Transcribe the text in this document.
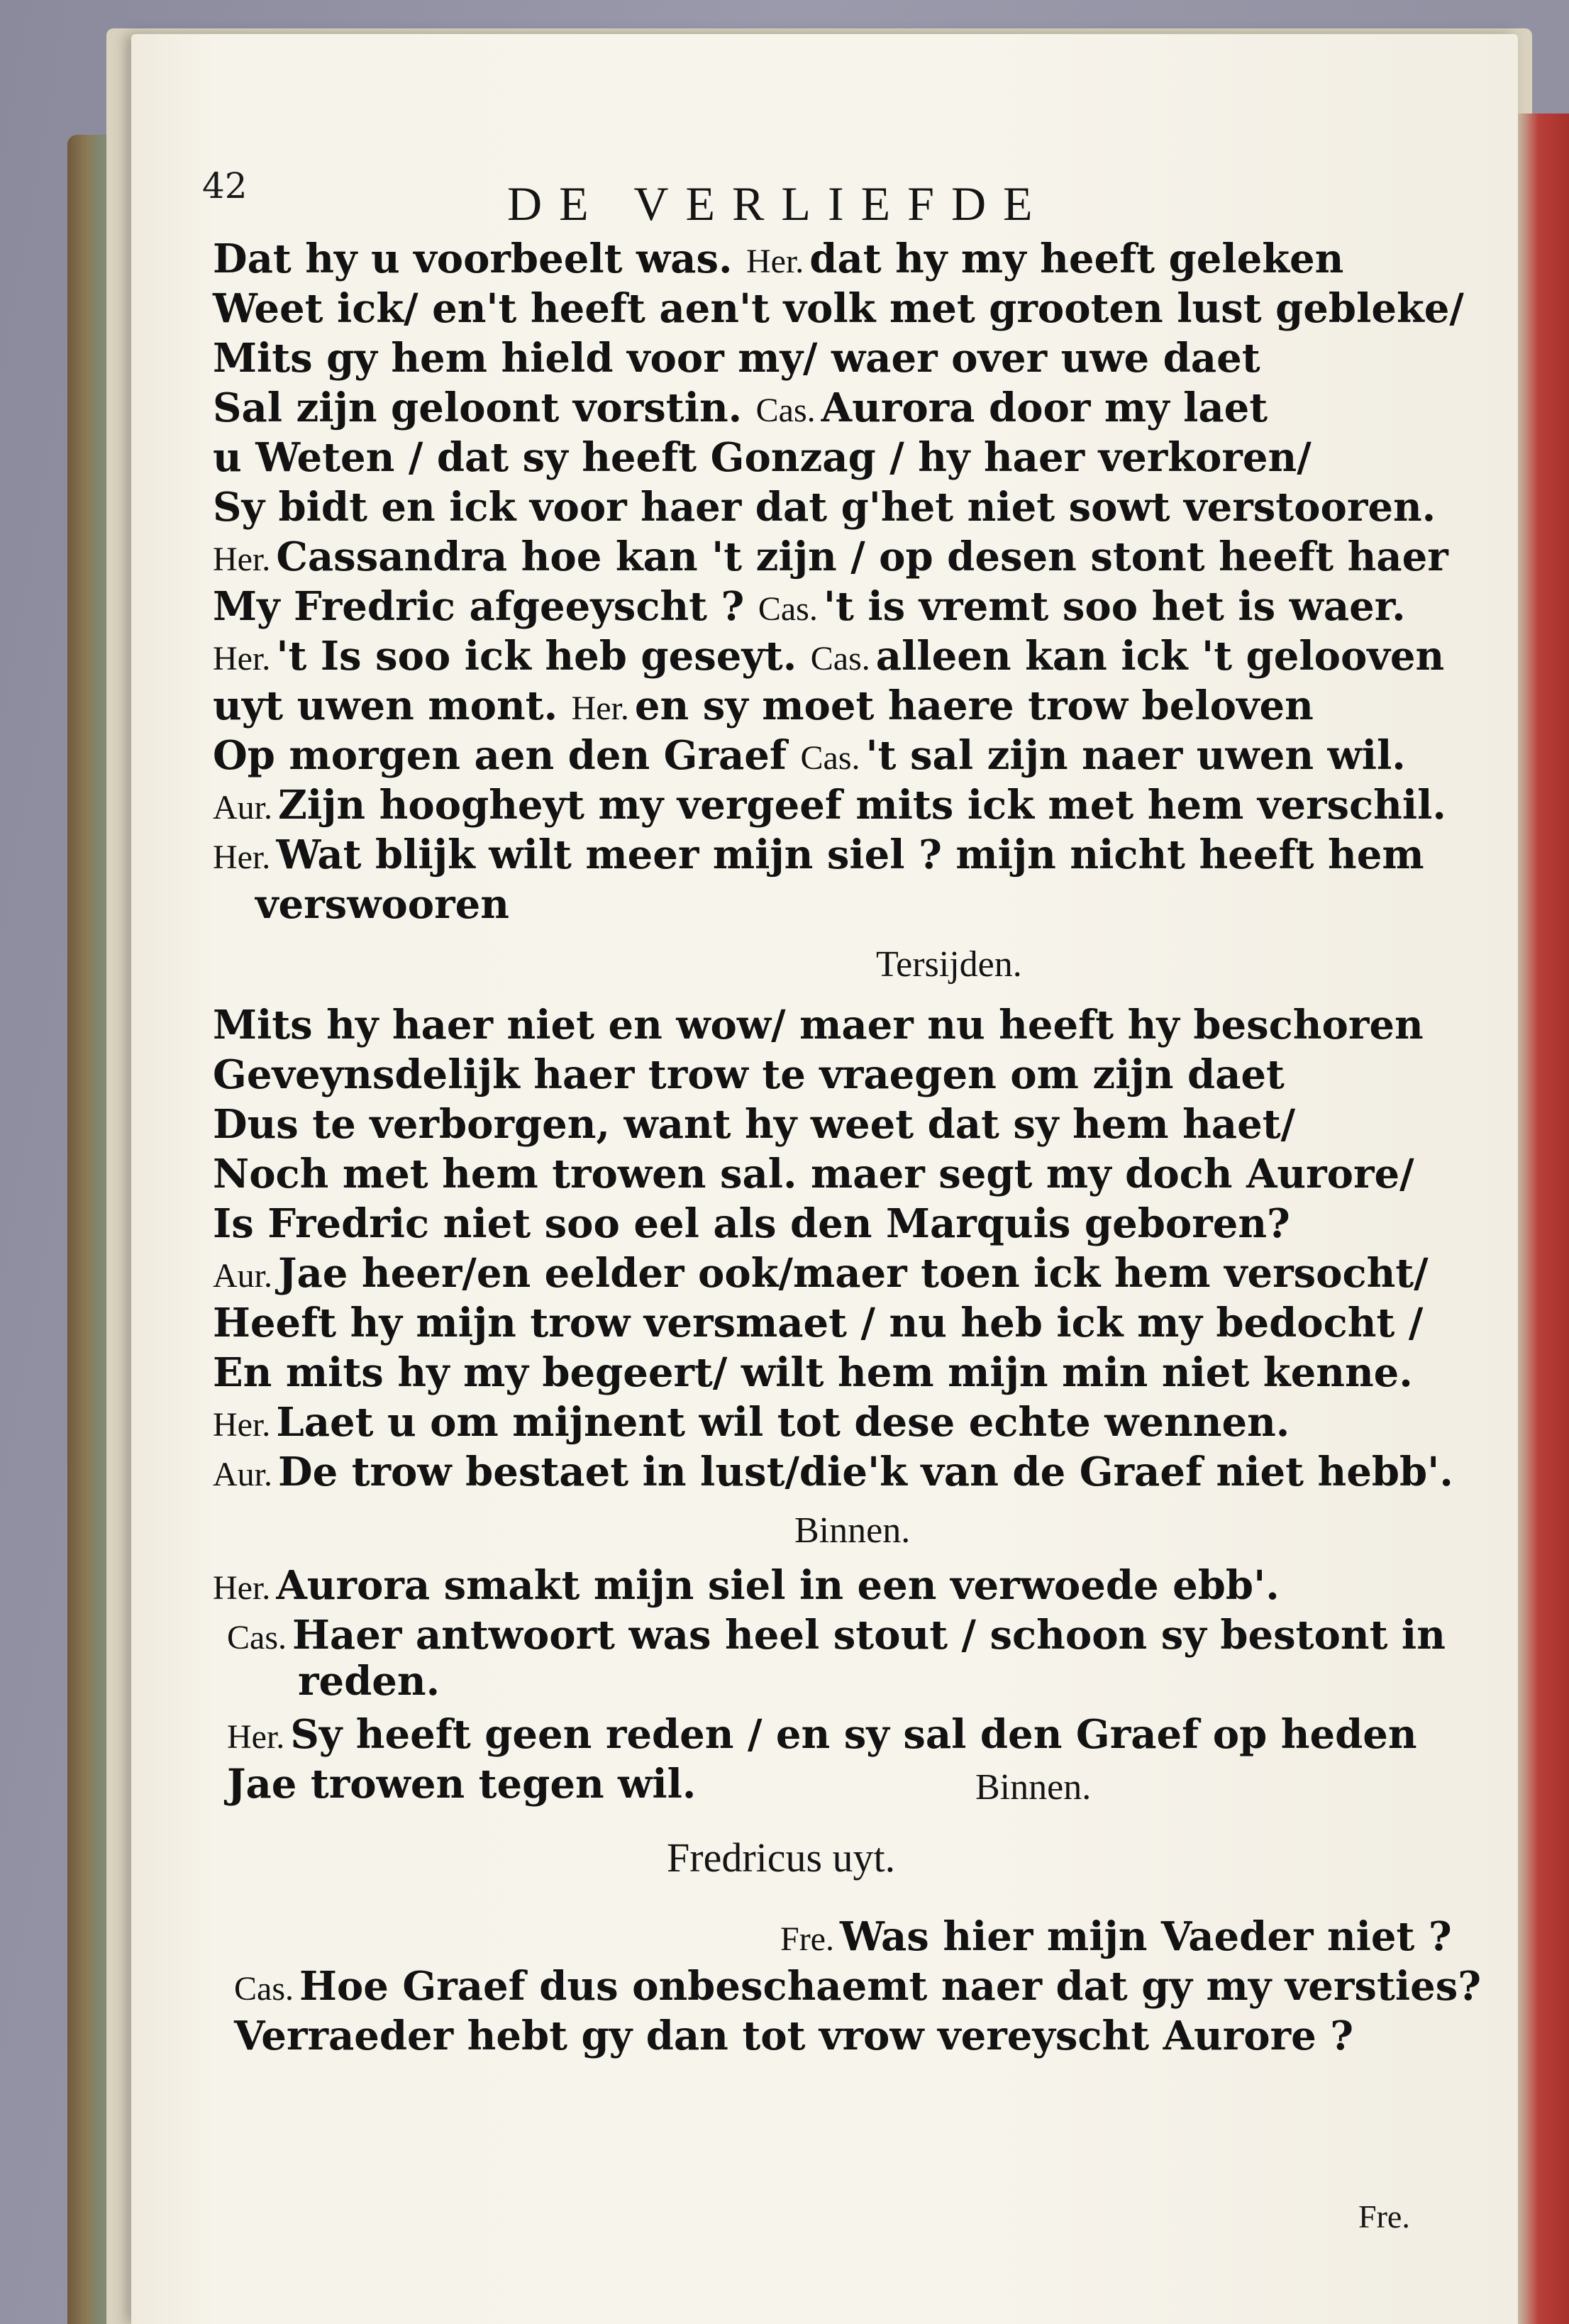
42	DE VERLIEFDE
Dat hy u voorbeelt was. Her. dat hy my heeft geleken
Weet ick/ en't heeft aen't volk met grooten lust gebleke/
Mits gy hem hield voor my/ waer over uwe daet
Sal zijn geloont vorstin. Cas. Aurora door my laet
u Weten / dat sy heeft Gonzag / hy haer verkoren/
Sy bidt en ick voor haer dat g'het niet sowt verstooren.
Her. Cassandra hoe kan 't zijn / op desen stont heeft haer
My Fredric afgeeyscht ? Cas. 't is vremt soo het is waer.
Her. 't Is soo ick heb geseyt. Cas. alleen kan ick 't gelooven
uyt uwen mont. Her. en sy moet haere trow beloven
Op morgen aen den Graef Cas. 't sal zijn naer uwen wil.
Aur. Zijn hoogheyt my vergeef mits ick met hem verschil.
Her. Wat blijk wilt meer mijn siel ? mijn nicht heeft hem
verswooren
Tersijden.
Mits hy haer niet en wow/ maer nu heeft hy beschoren
Geveynsdelijk haer trow te vraegen om zijn daet
Dus te verborgen, want hy weet dat sy hem haet/
Noch met hem trowen sal. maer segt my doch Aurore/
Is Fredric niet soo eel als den Marquis geboren?
Aur. Jae heer/en eelder ook/maer toen ick hem versocht/
Heeft hy mijn trow versmaet / nu heb ick my bedocht /
En mits hy my begeert/ wilt hem mijn min niet kenne.
Her. Laet u om mijnent wil tot dese echte wennen.
Aur. De trow bestaet in lust/die'k van de Graef niet hebb'.
Binnen.
Her. Aurora smakt mijn siel in een verwoede ebb'.
Cas. Haer antwoort was heel stout / schoon sy bestont in
reden.
Her. Sy heeft geen reden / en sy sal den Graef op heden
Jae trowen tegen wil.	Binnen.
Fredricus uyt.
Fre. Was hier mijn Vaeder niet ?
Cas. Hoe Graef dus onbeschaemt naer dat gy my versties?
Verraeder hebt gy dan tot vrow vereyscht Aurore ?
Fre.
